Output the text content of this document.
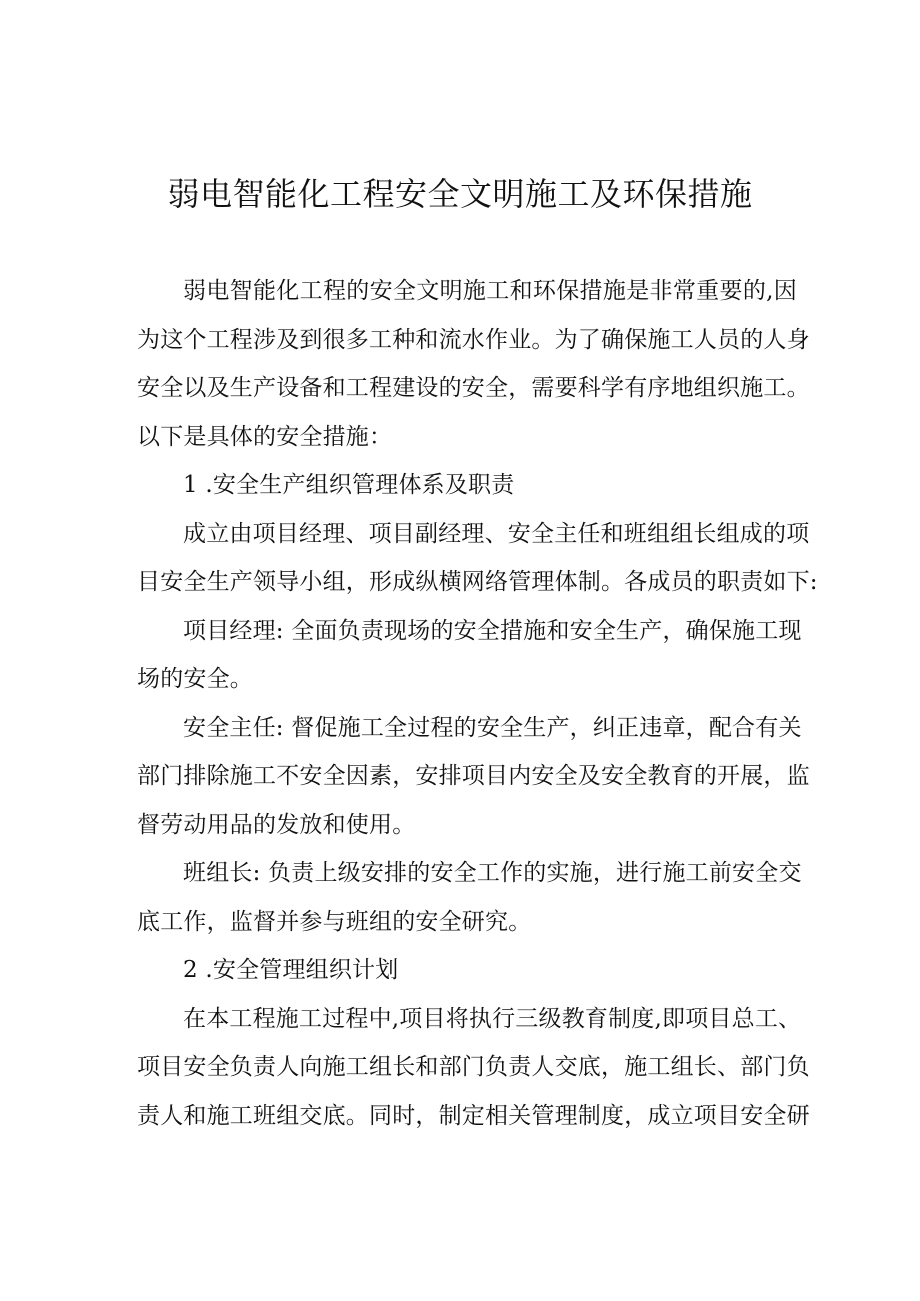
弱电智能化工程安全文明施工及环保措施
弱电智能化工程的安全文明施工和环保措施是非常重要的,因
为这个工程涉及到很多工种和流水作业。为了确保施工人员的人身
安全以及生产设备和工程建设的安全，需要科学有序地组织施工。
以下是具体的安全措施：
1 .安全生产组织管理体系及职责
成立由项目经理、项目副经理、安全主任和班组组长组成的项
目安全生产领导小组，形成纵横网络管理体制。各成员的职责如下:
项目经理: 全面负责现场的安全措施和安全生产，确保施工现
场的安全。
安全主任: 督促施工全过程的安全生产，纠正违章，配合有关
部门排除施工不安全因素，安排项目内安全及安全教育的开展，监
督劳动用品的发放和使用。
班组长: 负责上级安排的安全工作的实施，进行施工前安全交
底工作，监督并参与班组的安全研究。
2 .安全管理组织计划
在本工程施工过程中,项目将执行三级教育制度,即项目总工、
项目安全负责人向施工组长和部门负责人交底，施工组长、部门负
责人和施工班组交底。同时，制定相关管理制度，成立项目安全研
